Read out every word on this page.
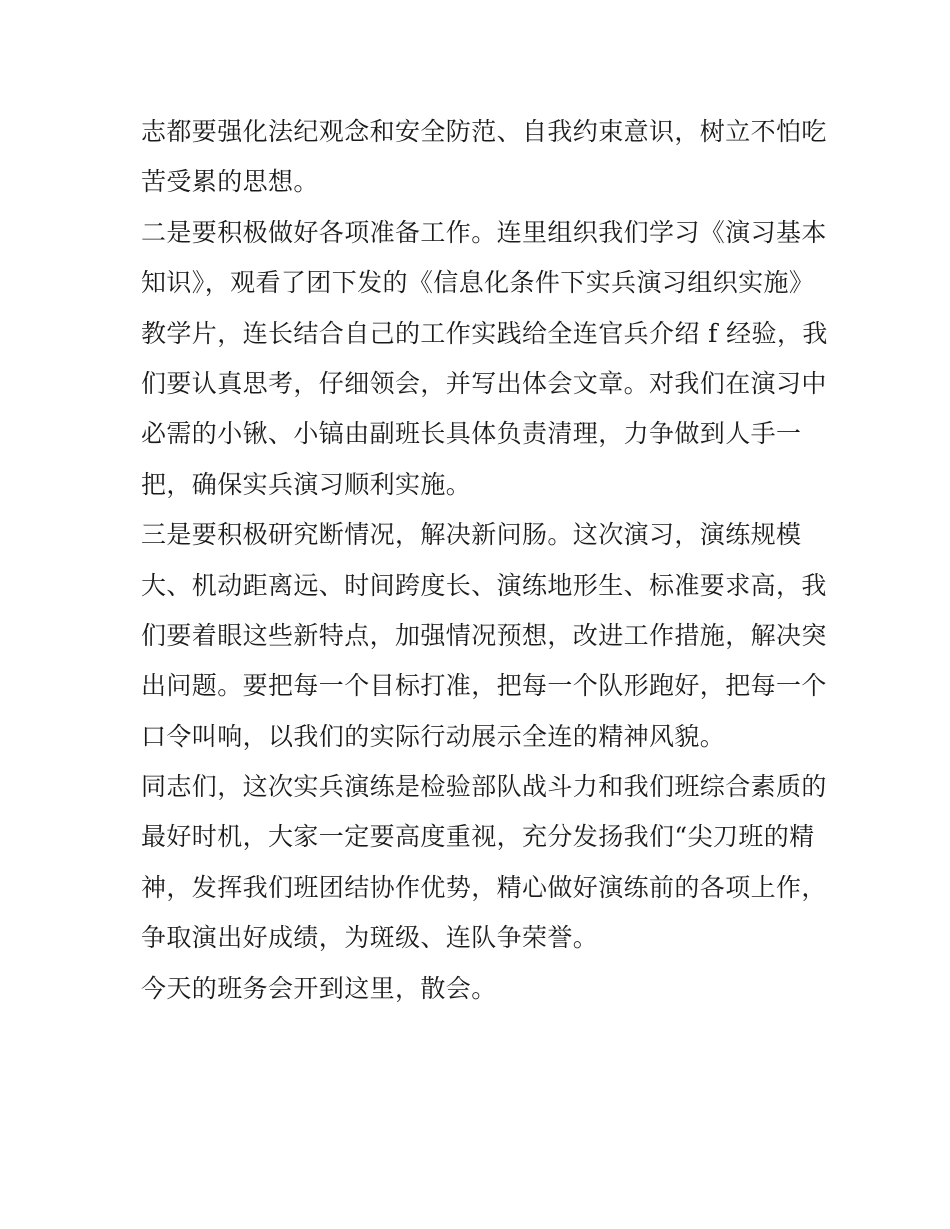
志都要强化法纪观念和安全防范、自我约束意识，树立不怕吃
苦受累的思想。
二是要积极做好各项准备工作。连里组织我们学习《演习基本
知识》，观看了团下发的《信息化条件下实兵演习组织实施》
教学片，连长结合自己的工作实践给全连官兵介绍 f 经验，我
们要认真思考，仔细领会，并写出体会文章。对我们在演习中
必需的小锹、小镐由副班长具体负责清理，力争做到人手一
把，确保实兵演习顺利实施。
三是要积极研究断情况，解决新问肠。这次演习，演练规模
大、机动距离远、时间跨度长、演练地形生、标准要求高，我
们要着眼这些新特点，加强情况预想，改进工作措施，解决突
出问题。要把每一个目标打准，把每一个队形跑好，把每一个
口令叫响，以我们的实际行动展示全连的精神风貌。
同志们，这次实兵演练是检验部队战斗力和我们班综合素质的
最好时机，大家一定要高度重视，充分发扬我们“尖刀班的精
神，发挥我们班团结协作优势，精心做好演练前的各项上作，
争取演出好成绩，为斑级、连队争荣誉。
今天的班务会开到这里，散会。
